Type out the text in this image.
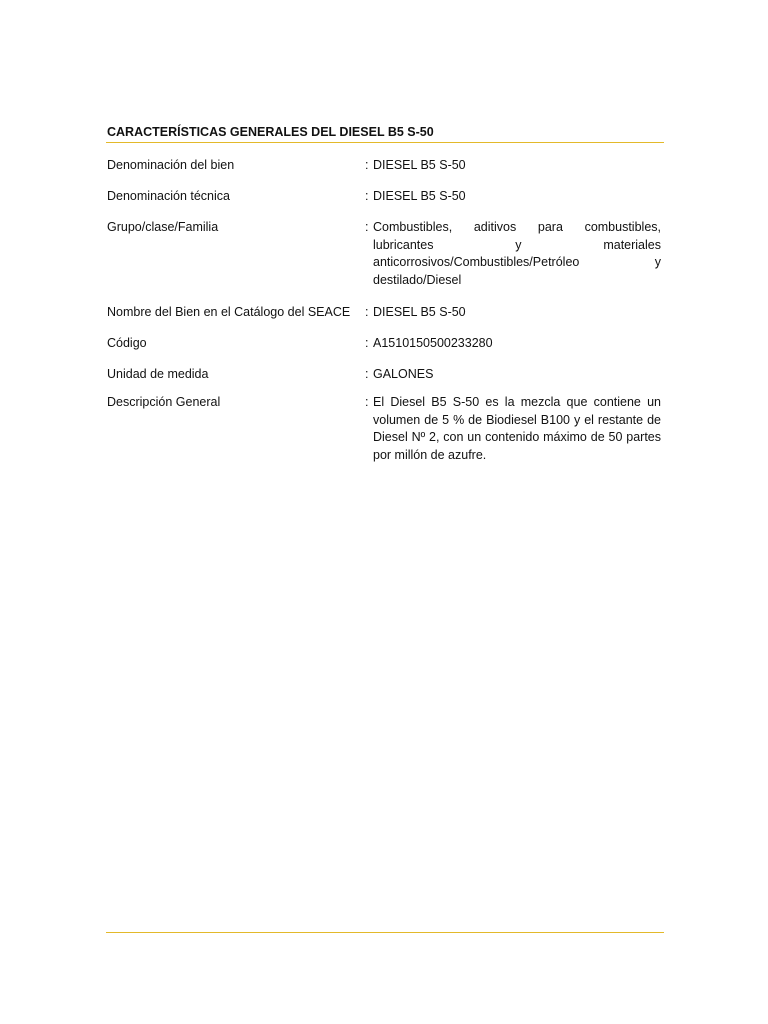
CARACTERÍSTICAS GENERALES DEL DIESEL B5 S-50
Denominación del bien	: DIESEL B5 S-50
Denominación técnica	: DIESEL B5 S-50
Grupo/clase/Familia	: Combustibles, aditivos para combustibles, lubricantes y materiales anticorrosivos/Combustibles/Petróleo y destilado/Diesel
Nombre del Bien en el Catálogo del SEACE	: DIESEL B5 S-50
Código	: A1510150500233280
Unidad de medida	: GALONES
Descripción General	: El Diesel B5 S-50 es la mezcla que contiene un volumen de 5 % de Biodiesel B100 y el restante de Diesel Nº 2, con un contenido máximo de 50 partes por millón de azufre.
